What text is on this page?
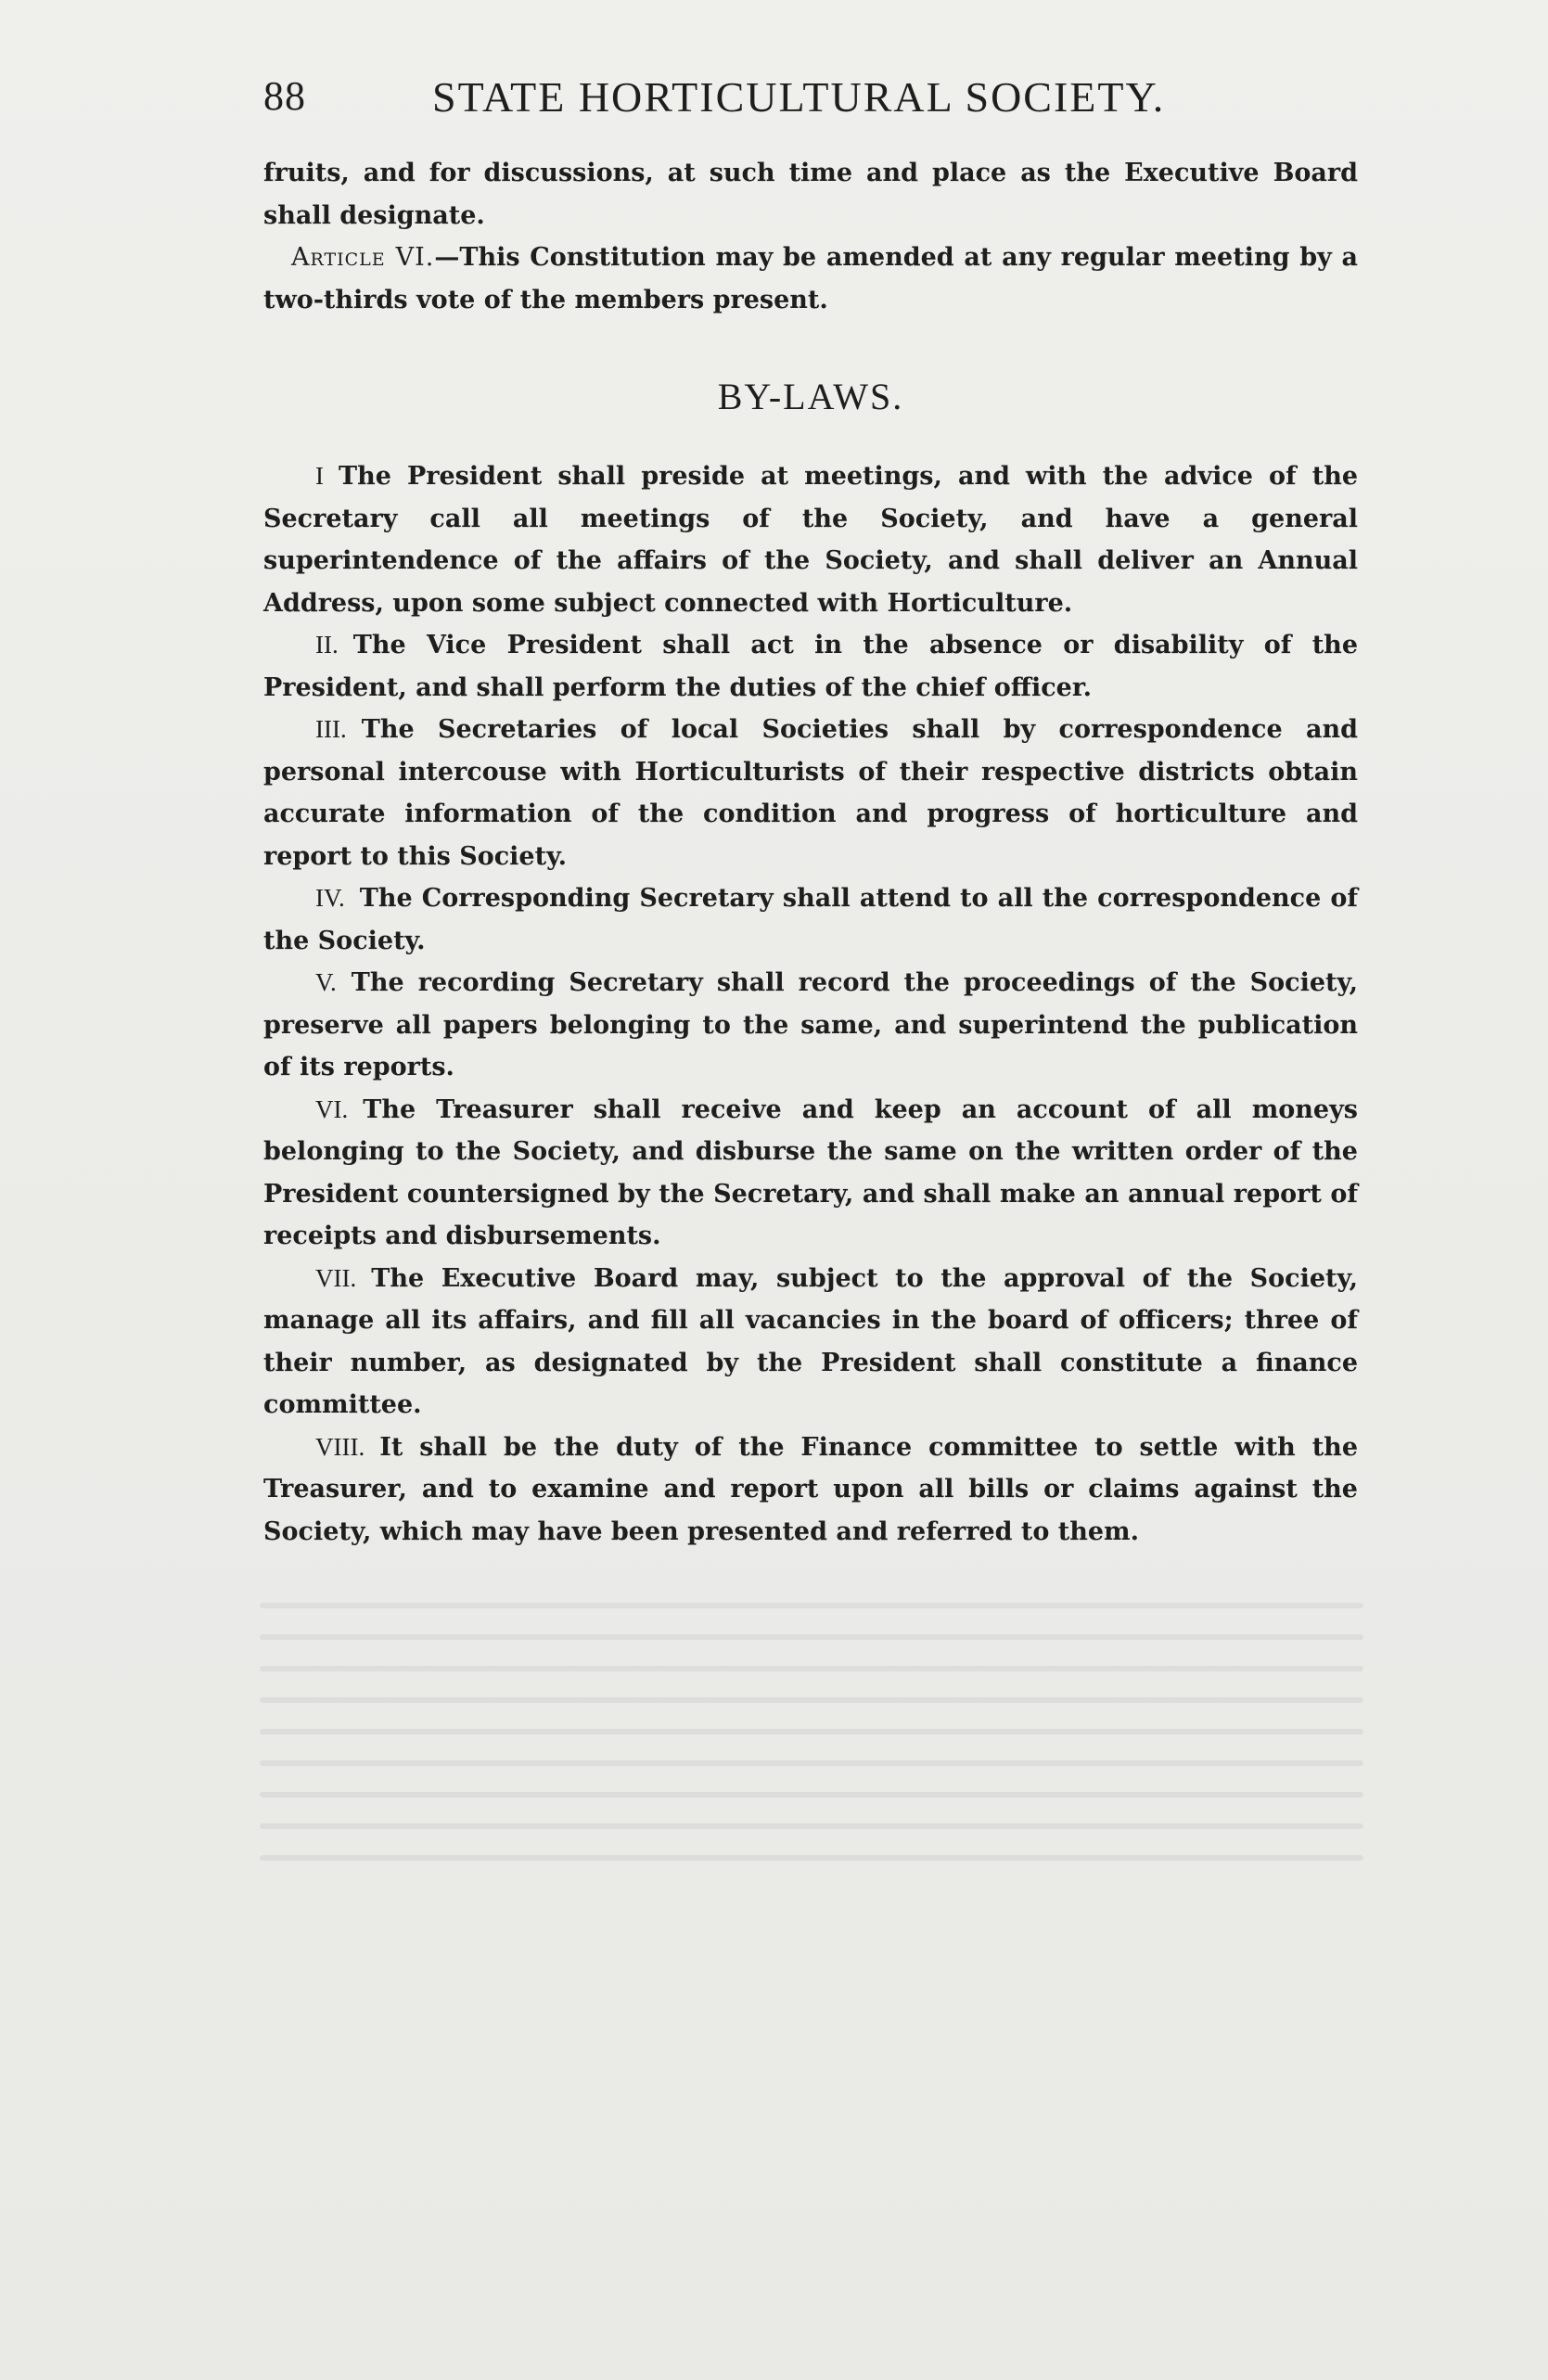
88	STATE HORTICULTURAL SOCIETY.

fruits, and for discussions, at such time and place as the Executive Board shall designate.

Article VI.—This Constitution may be amended at any regular meeting by a two-thirds vote of the members present.

BY-LAWS.

I The President shall preside at meetings, and with the advice of the Secretary call all meetings of the Society, and have a general superintendence of the affairs of the Society, and shall deliver an Annual Address, upon some subject connected with Horticulture.

II. The Vice President shall act in the absence or disability of the President, and shall perform the duties of the chief officer.

III. The Secretaries of local Societies shall by correspondence and personal intercouse with Horticulturists of their respective districts obtain accurate information of the condition and progress of horticulture and report to this Society.

IV. The Corresponding Secretary shall attend to all the correspondence of the Society.

V. The recording Secretary shall record the proceedings of the Society, preserve all papers belonging to the same, and superintend the publication of its reports.

VI. The Treasurer shall receive and keep an account of all moneys belonging to the Society, and disburse the same on the written order of the President countersigned by the Secretary, and shall make an annual report of receipts and disbursements.

VII. The Executive Board may, subject to the approval of the Society, manage all its affairs, and fill all vacancies in the board of officers; three of their number, as designated by the President shall constitute a finance committee.

VIII. It shall be the duty of the Finance committee to settle with the Treasurer, and to examine and report upon all bills or claims against the Society, which may have been presented and referred to them.
